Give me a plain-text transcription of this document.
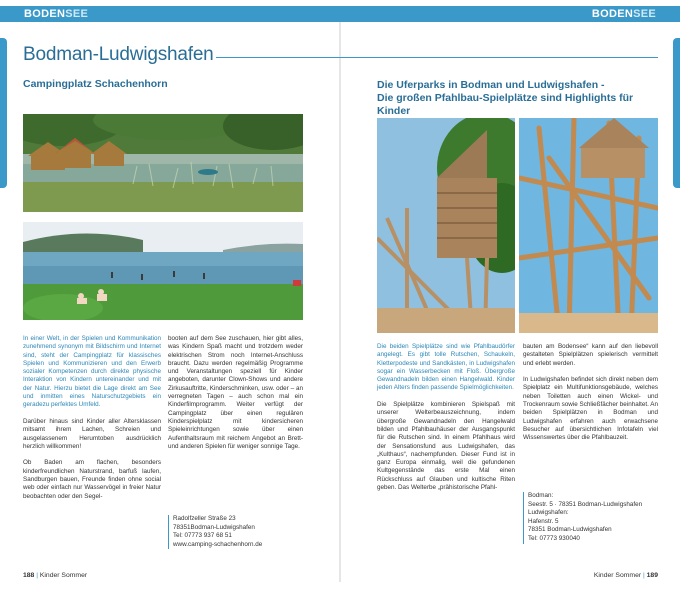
BODENSEE	BODENSEE
Bodman-Ludwigshafen
Campingplatz Schachenhorn	Die Uferparks in Bodman und Ludwigshafen -
Die großen Pfahlbau-Spielplätze sind Highlights für Kinder

In einer Welt, in der Spielen und Kommunikation zunehmend synonym mit Bildschirm und Internet sind, steht der Campingplatz für klassisches Spielen und Kommunizieren und den Erwerb sozialer Kompetenzen durch direkte physische Interaktion von Kindern untereinander und mit der Natur. Hierzu bietet die Lage direkt am See und inmitten eines Naturschutzgebiets ein geradezu perfektes Umfeld.

Darüber hinaus sind Kinder aller Altersklassen mitsamt ihrem Lachen, Schreien und ausgelassenem Herumtoben ausdrücklich herzlich willkommen!

Ob Baden am flachen, besonders kinderfreundlichen Naturstrand, barfuß laufen, Sandburgen bauen, Freunde finden ohne social web oder einfach nur Wasservögel in freier Natur beobachten oder den Segel-

booten auf dem See zuschauen, hier gibt alles, was Kindern Spaß macht und trotzdem weder elektrischen Strom noch Internet-Anschluss braucht. Dazu werden regelmäßig Programme und Veranstaltungen speziell für Kinder angeboten, darunter Clown-Shows und andere Zirkusauftritte, Kinderschminken, usw. oder – an verregneten Tagen – auch schon mal ein Kinderfilmprogramm. Weiter verfügt der Campingplatz über einen regulären Kinderspielplatz mit kindersicheren Spieleinrichtungen sowie über einen Aufenthaltsraum mit reichem Angebot an Brett- und anderen Spielen für weniger sonnige Tage.

Radolfzeller Straße 23
78351Bodman-Ludwigshafen
Tel: 07773 937 68 51
www.camping-schachenhorn.de

Die beiden Spielplätze sind wie Pfahlbaudörfer angelegt. Es gibt tolle Rutschen, Schaukeln, Kletterpodeste und Sandkästen, in Ludwigshafen sogar ein Wasserbecken mit Floß. Übergroße Gewandnadeln bilden einen Hangelwald. Kinder jeden Alters finden passende Spielmöglichkeiten.

Die Spielplätze kombinieren Spielspaß mit unserer Welterbeauszeichnung, indem übergroße Gewandnadeln den Hangelwald bilden und Pfahlbauhäuser der Ausgangspunkt für die Rutschen sind. In einem Pfahlhaus wird der Sensationsfund aus Ludwigshafen, das „Kulthaus“, nachempfunden. Dieser Fund ist in ganz Europa einmalig, weil die gefundenen Kultgegenstände das erste Mal einen Rückschluss auf Glauben und kultische Riten geben. Das Welterbe „prähistorische Pfahl-

bauten am Bodensee“ kann auf den liebevoll gestalteten Spielplätzen spielerisch vermittelt und erlebt werden.

In Ludwigshafen befindet sich direkt neben dem Spielplatz ein Multifunktionsgebäude, welches neben Toiletten auch einen Wickel- und Trockenraum sowie Schließfächer beinhaltet. An beiden Spielplätzen in Bodman und Ludwigshafen erfahren auch erwachsene Besucher auf übersichtlichen Infotafeln viel Wissenswertes über die Pfahlbauzeit.

Bodman:
Seestr. 5 · 78351 Bodman-Ludwigshafen
Ludwigshafen:
Hafenstr. 5
78351 Bodman-Ludwigshafen
Tel: 07773 930040
188 | Kinder Sommer	Kinder Sommer | 189
